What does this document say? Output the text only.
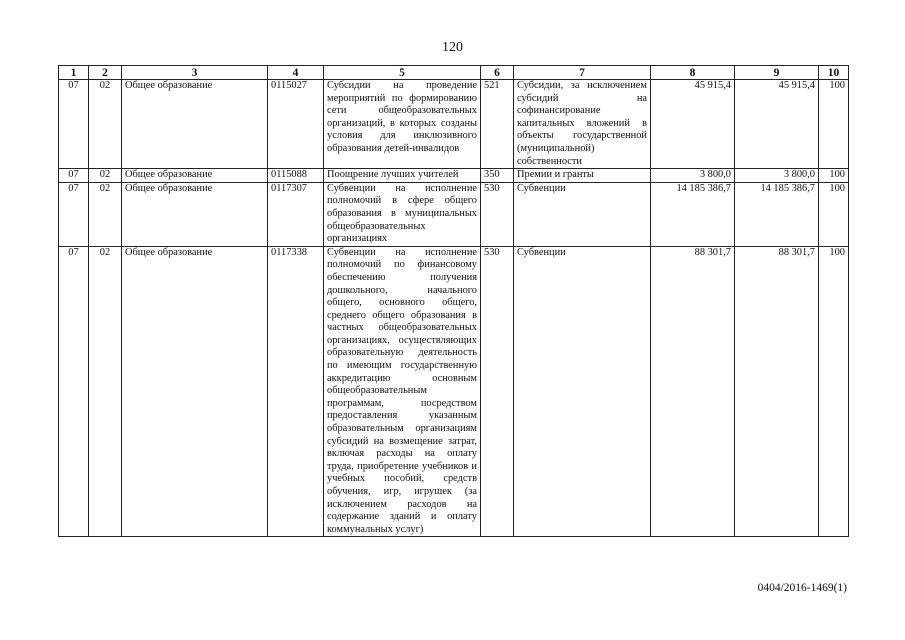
120
1	2	3	4	5	6	7	8	9	10
07	02	Общее образование	0115027	Субсидии на проведение мероприятий по формированию сети общеобразовательных организаций, в которых созданы условия для инклюзивного образования детей-инвалидов	521	Субсидии, за исключением субсидий на софинансирование капитальных вложений в объекты государственной (муниципальной) собственности	45 915,4	45 915,4	100
07	02	Общее образование	0115088	Поощрение лучших учителей	350	Премии и гранты	3 800,0	3 800,0	100
07	02	Общее образование	0117307	Субвенции на исполнение полномочий в сфере общего образования в муниципальных общеобразовательных организациях	530	Субвенции	14 185 386,7	14 185 386,7	100
07	02	Общее образование	0117338	Субвенции на исполнение полномочий по финансовому обеспечению получения дошкольного, начального общего, основного общего, среднего общего образования в частных общеобразовательных организациях, осуществляющих образовательную деятельность по имеющим государственную аккредитацию основным общеобразовательным программам, посредством предоставления указанным образовательным организациям субсидий на возмещение затрат, включая расходы на оплату труда, приобретение учебников и учебных пособий, средств обучения, игр, игрушек (за исключением расходов на содержание зданий и оплату коммунальных услуг)	530	Субвенции	88 301,7	88 301,7	100
0404/2016-1469(1)
